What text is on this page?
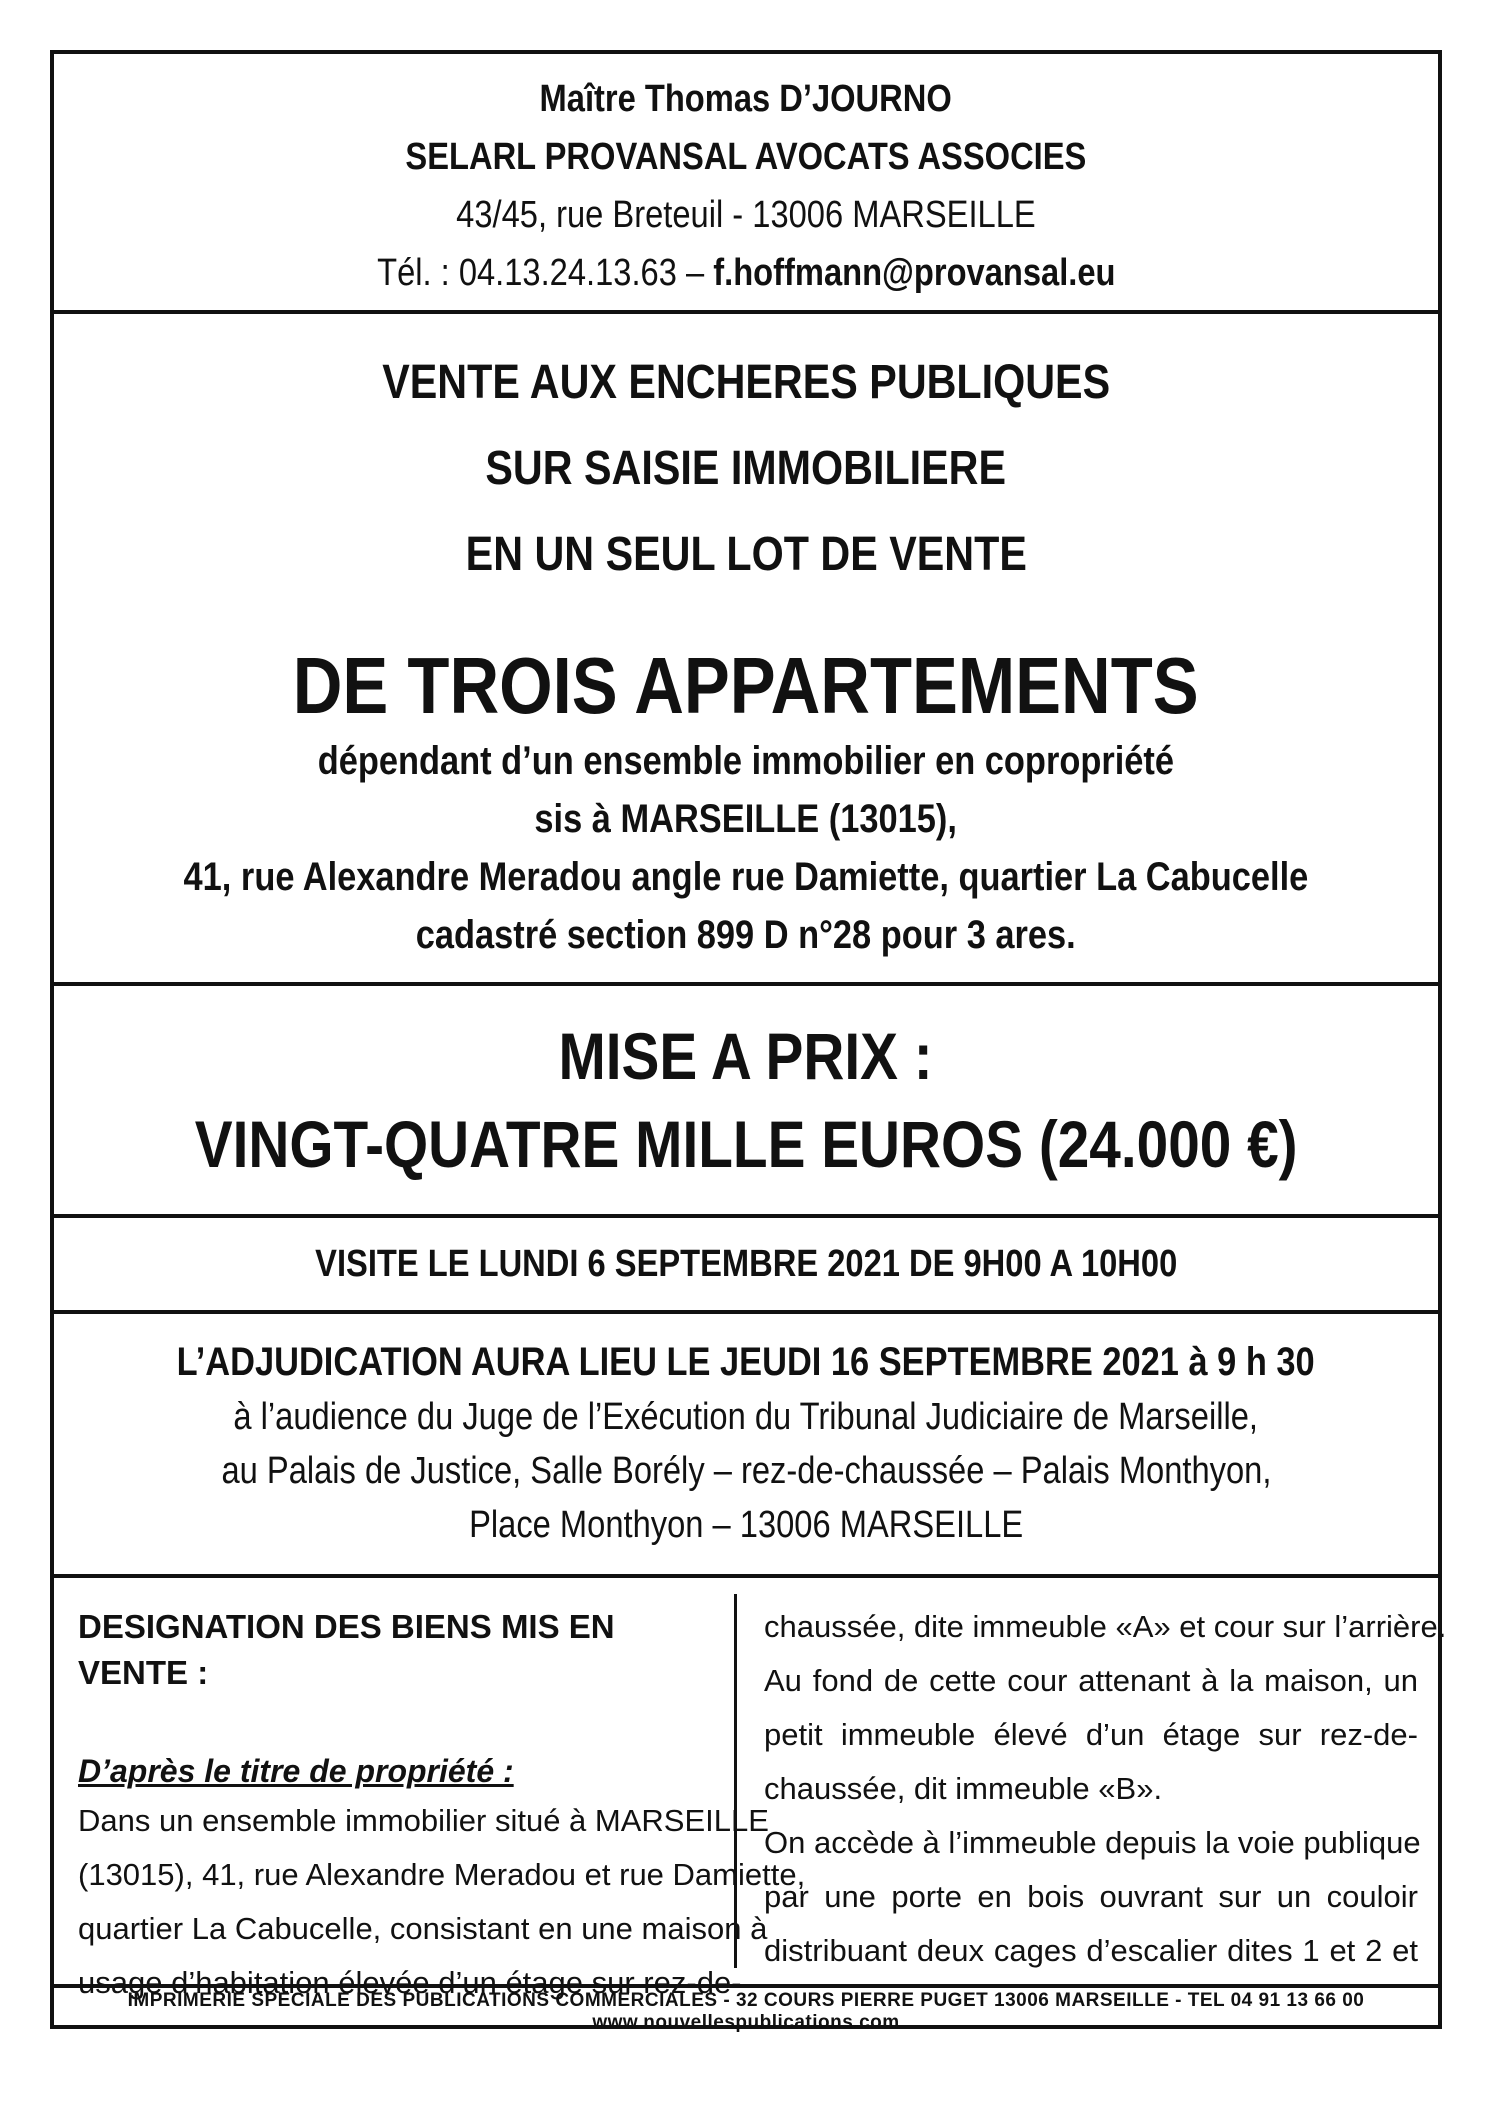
Maître Thomas D’JOURNO
SELARL PROVANSAL AVOCATS ASSOCIES
43/45, rue Breteuil - 13006 MARSEILLE
Tél. : 04.13.24.13.63 – f.hoffmann@provansal.eu
VENTE AUX ENCHERES PUBLIQUES
SUR SAISIE IMMOBILIERE
EN UN SEUL LOT DE VENTE
DE TROIS APPARTEMENTS
dépendant d’un ensemble immobilier en copropriété
sis à MARSEILLE (13015),
41, rue Alexandre Meradou angle rue Damiette, quartier La Cabucelle
cadastré section 899 D n°28 pour 3 ares.
MISE A PRIX :
VINGT-QUATRE MILLE EUROS (24.000 €)
VISITE LE LUNDI 6 SEPTEMBRE 2021 DE 9H00 A 10H00
L’ADJUDICATION AURA LIEU LE JEUDI 16 SEPTEMBRE 2021 à 9 h 30
à l’audience du Juge de l’Exécution du Tribunal Judiciaire de Marseille,
au Palais de Justice, Salle Borély – rez-de-chaussée – Palais Monthyon,
Place Monthyon – 13006 MARSEILLE
DESIGNATION DES BIENS MIS EN VENTE :
D’après le titre de propriété :
Dans un ensemble immobilier situé à MARSEILLE
(13015), 41, rue Alexandre Meradou et rue Damiette,
quartier La Cabucelle, consistant en une maison à
usage d’habitation élevée d’un étage sur rez-de-
chaussée, dite immeuble «A» et cour sur l’arrière.
Au fond de cette cour attenant à la maison, un
petit immeuble élevé d’un étage sur rez-de-
chaussée, dit immeuble «B».
On accède à l’immeuble depuis la voie publique
par une porte en bois ouvrant sur un couloir
distribuant deux cages d’escalier dites 1 et 2 et
IMPRIMERIE SPECIALE DES PUBLICATIONS COMMERCIALES - 32 COURS PIERRE PUGET 13006 MARSEILLE - TEL 04 91 13 66 00
www.nouvellespublications.com
